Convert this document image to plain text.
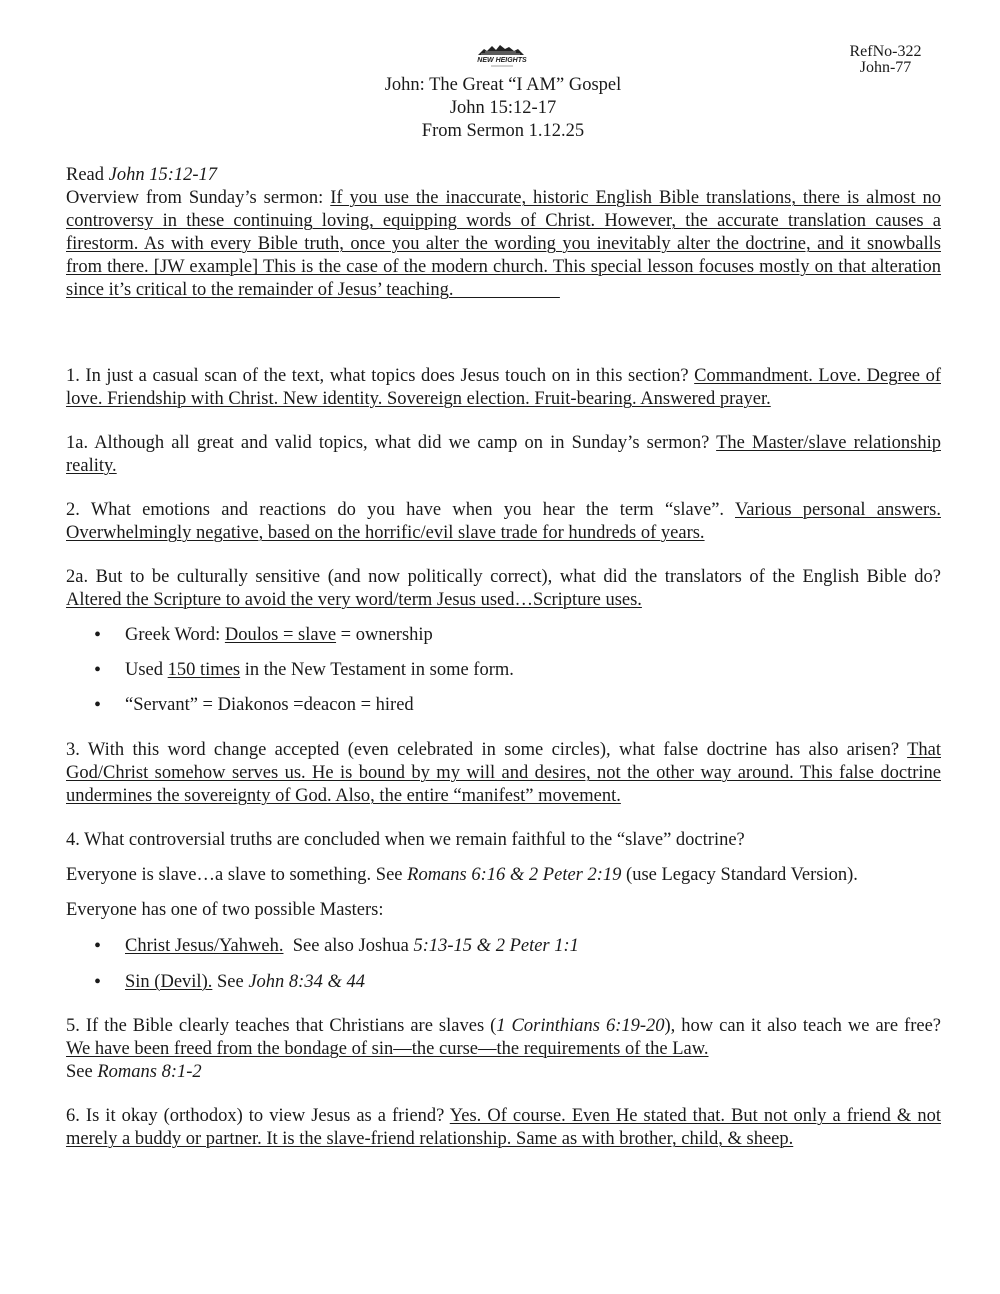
NEW HEIGHTS
RefNo-322
John-77
John: The Great “I AM” Gospel
John 15:12-17
From Sermon 1.12.25

Read John 15:12-17

Overview from Sunday’s sermon: If you use the inaccurate, historic English Bible translations, there is almost no controversy in these continuing loving, equipping words of Christ. However, the accurate translation causes a firestorm. As with every Bible truth, once you alter the wording you inevitably alter the doctrine, and it snowballs from there. [JW example] This is the case of the modern church. This special lesson focuses mostly on that alteration since it’s critical to the remainder of Jesus’ teaching.

1. In just a casual scan of the text, what topics does Jesus touch on in this section? Commandment. Love. Degree of love. Friendship with Christ. New identity. Sovereign election. Fruit-bearing. Answered prayer.

1a. Although all great and valid topics, what did we camp on in Sunday’s sermon? The Master/slave relationship reality.

2. What emotions and reactions do you have when you hear the term “slave”. Various personal answers. Overwhelmingly negative, based on the horrific/evil slave trade for hundreds of years.

2a. But to be culturally sensitive (and now politically correct), what did the translators of the English Bible do? Altered the Scripture to avoid the very word/term Jesus used…Scripture uses.

• Greek Word: Doulos = slave = ownership
• Used 150 times in the New Testament in some form.
• “Servant” = Diakonos =deacon = hired

3. With this word change accepted (even celebrated in some circles), what false doctrine has also arisen? That God/Christ somehow serves us. He is bound by my will and desires, not the other way around. This false doctrine undermines the sovereignty of God. Also, the entire “manifest” movement.

4. What controversial truths are concluded when we remain faithful to the “slave” doctrine?

Everyone is slave…a slave to something. See Romans 6:16 & 2 Peter 2:19 (use Legacy Standard Version).

Everyone has one of two possible Masters:

• Christ Jesus/Yahweh.  See also Joshua 5:13-15 & 2 Peter 1:1
• Sin (Devil). See John 8:34 & 44

5. If the Bible clearly teaches that Christians are slaves (1 Corinthians 6:19-20), how can it also teach we are free? We have been freed from the bondage of sin—the curse—the requirements of the Law.

See Romans 8:1-2

6. Is it okay (orthodox) to view Jesus as a friend? Yes. Of course. Even He stated that. But not only a friend & not merely a buddy or partner. It is the slave-friend relationship. Same as with brother, child, & sheep.
